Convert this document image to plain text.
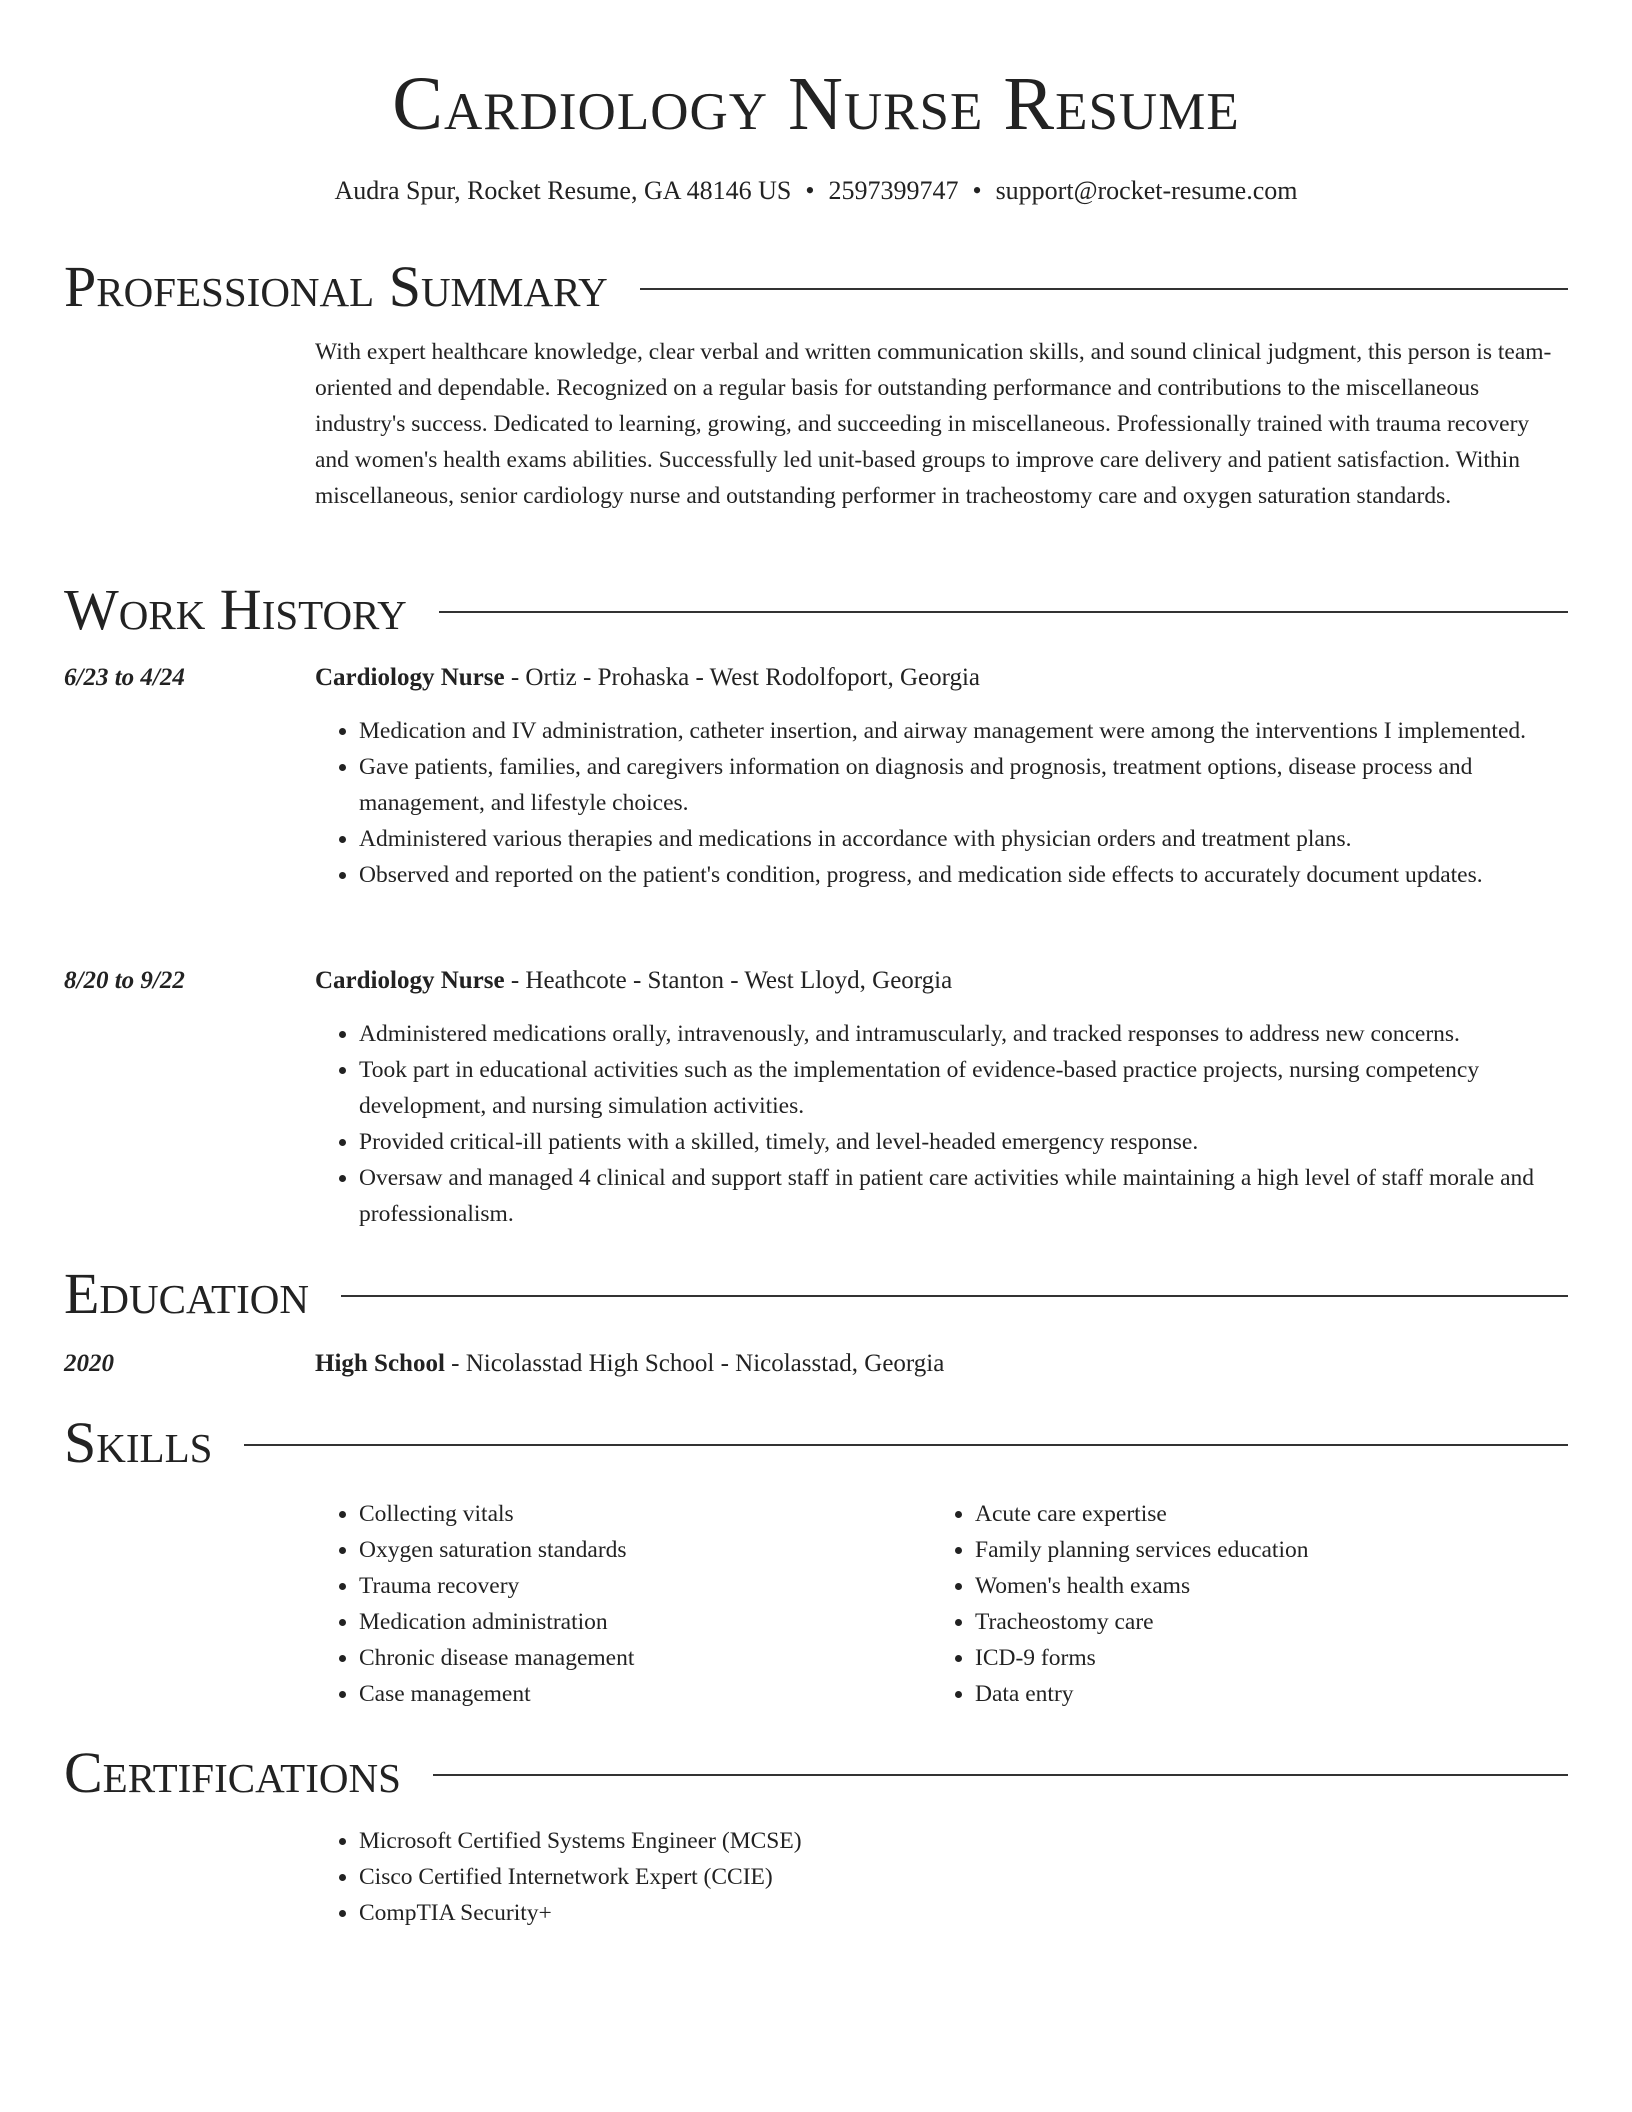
Cardiology Nurse Resume
Audra Spur, Rocket Resume, GA 48146 US • 2597399747 • support@rocket-resume.com
Professional Summary
With expert healthcare knowledge, clear verbal and written communication skills, and sound clinical judgment, this person is team-oriented and dependable. Recognized on a regular basis for outstanding performance and contributions to the miscellaneous industry's success. Dedicated to learning, growing, and succeeding in miscellaneous. Professionally trained with trauma recovery and women's health exams abilities. Successfully led unit-based groups to improve care delivery and patient satisfaction. Within miscellaneous, senior cardiology nurse and outstanding performer in tracheostomy care and oxygen saturation standards.
Work History
6/23 to 4/24	Cardiology Nurse - Ortiz - Prohaska - West Rodolfoport, Georgia
• Medication and IV administration, catheter insertion, and airway management were among the interventions I implemented.
• Gave patients, families, and caregivers information on diagnosis and prognosis, treatment options, disease process and management, and lifestyle choices.
• Administered various therapies and medications in accordance with physician orders and treatment plans.
• Observed and reported on the patient's condition, progress, and medication side effects to accurately document updates.
8/20 to 9/22	Cardiology Nurse - Heathcote - Stanton - West Lloyd, Georgia
• Administered medications orally, intravenously, and intramuscularly, and tracked responses to address new concerns.
• Took part in educational activities such as the implementation of evidence-based practice projects, nursing competency development, and nursing simulation activities.
• Provided critical-ill patients with a skilled, timely, and level-headed emergency response.
• Oversaw and managed 4 clinical and support staff in patient care activities while maintaining a high level of staff morale and professionalism.
Education
2020	High School - Nicolasstad High School - Nicolasstad, Georgia
Skills
• Collecting vitals
• Oxygen saturation standards
• Trauma recovery
• Medication administration
• Chronic disease management
• Case management
• Acute care expertise
• Family planning services education
• Women's health exams
• Tracheostomy care
• ICD-9 forms
• Data entry
Certifications
• Microsoft Certified Systems Engineer (MCSE)
• Cisco Certified Internetwork Expert (CCIE)
• CompTIA Security+
